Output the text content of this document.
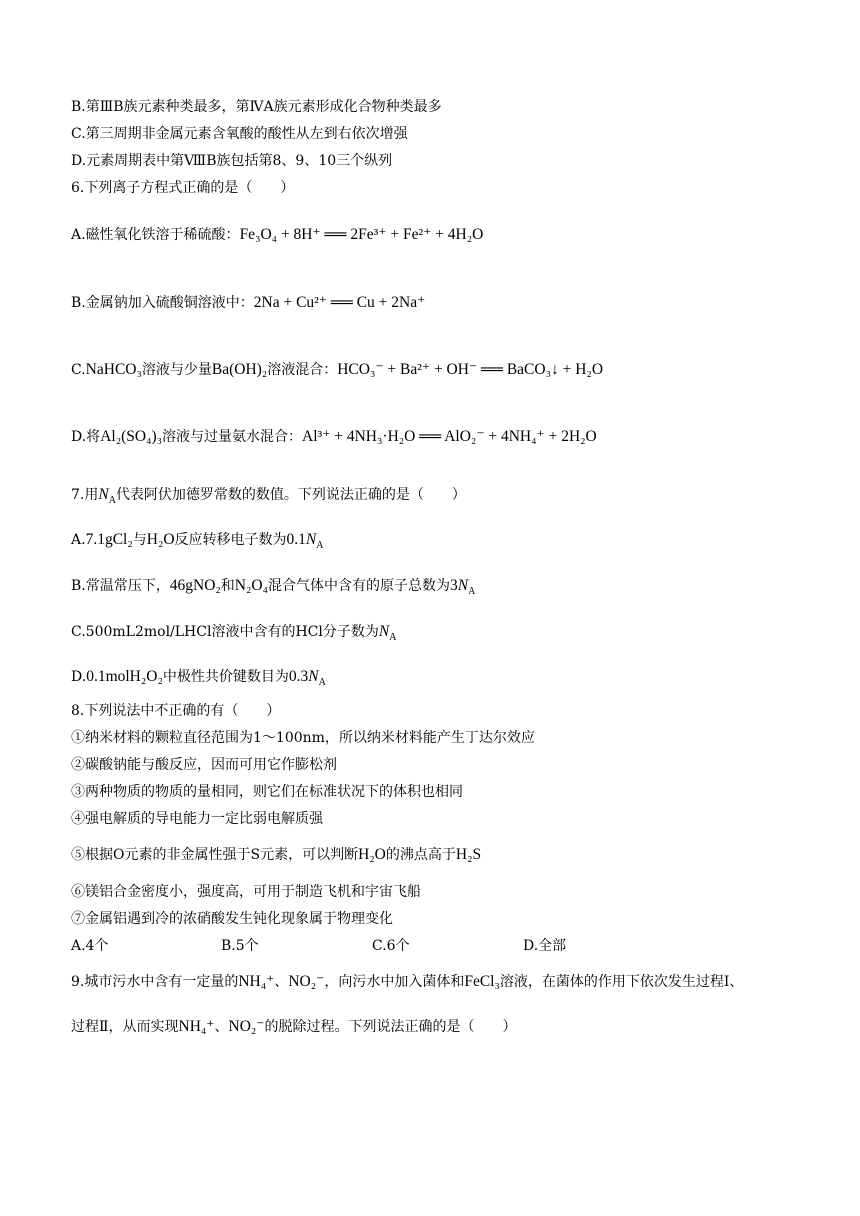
B.第ⅢB族元素种类最多，第ⅣA族元素形成化合物种类最多
C.第三周期非金属元素含氧酸的酸性从左到右依次增强
D.元素周期表中第ⅧB族包括第8、9、10三个纵列
6.下列离子方程式正确的是（　　）
A.磁性氧化铁溶于稀硫酸：Fe₃O₄ + 8H⁺ ══ 2Fe³⁺ + Fe²⁺ + 4H₂O
B.金属钠加入硫酸铜溶液中：2Na + Cu²⁺ ══ Cu + 2Na⁺
C.NaHCO₃溶液与少量Ba(OH)₂溶液混合：HCO₃⁻ + Ba²⁺ + OH⁻ ══ BaCO₃↓ + H₂O
D.将Al₂(SO₄)₃溶液与过量氨水混合：Al³⁺ + 4NH₃·H₂O ══ AlO₂⁻ + 4NH₄⁺ + 2H₂O
7.用$N_A$代表阿伏加德罗常数的数值。下列说法正确的是（　　）
A.7.1gCl₂与H₂O反应转移电子数为$0.1N_A$
B.常温常压下，46gNO₂和N₂O₄混合气体中含有的原子总数为$3N_A$
C.500mL2mol/LHCl溶液中含有的HCl分子数为$N_A$
D.0.1molH₂O₂中极性共价键数目为$0.3N_A$
8.下列说法中不正确的有（　　）
①纳米材料的颗粒直径范围为1～100nm，所以纳米材料能产生丁达尔效应
②碳酸钠能与酸反应，因而可用它作膨松剂
③两种物质的物质的量相同，则它们在标准状况下的体积也相同
④强电解质的导电能力一定比弱电解质强
⑤根据O元素的非金属性强于S元素，可以判断H₂O的沸点高于H₂S
⑥镁铝合金密度小，强度高，可用于制造飞机和宇宙飞船
⑦金属铝遇到冷的浓硝酸发生钝化现象属于物理变化
A.4个	B.5个	C.6个	D.全部
9.城市污水中含有一定量的NH₄⁺、NO₂⁻，向污水中加入菌体和FeCl₃溶液，在菌体的作用下依次发生过程Ⅰ、
过程Ⅱ，从而实现NH₄⁺、NO₂⁻的脱除过程。下列说法正确的是（　　）
